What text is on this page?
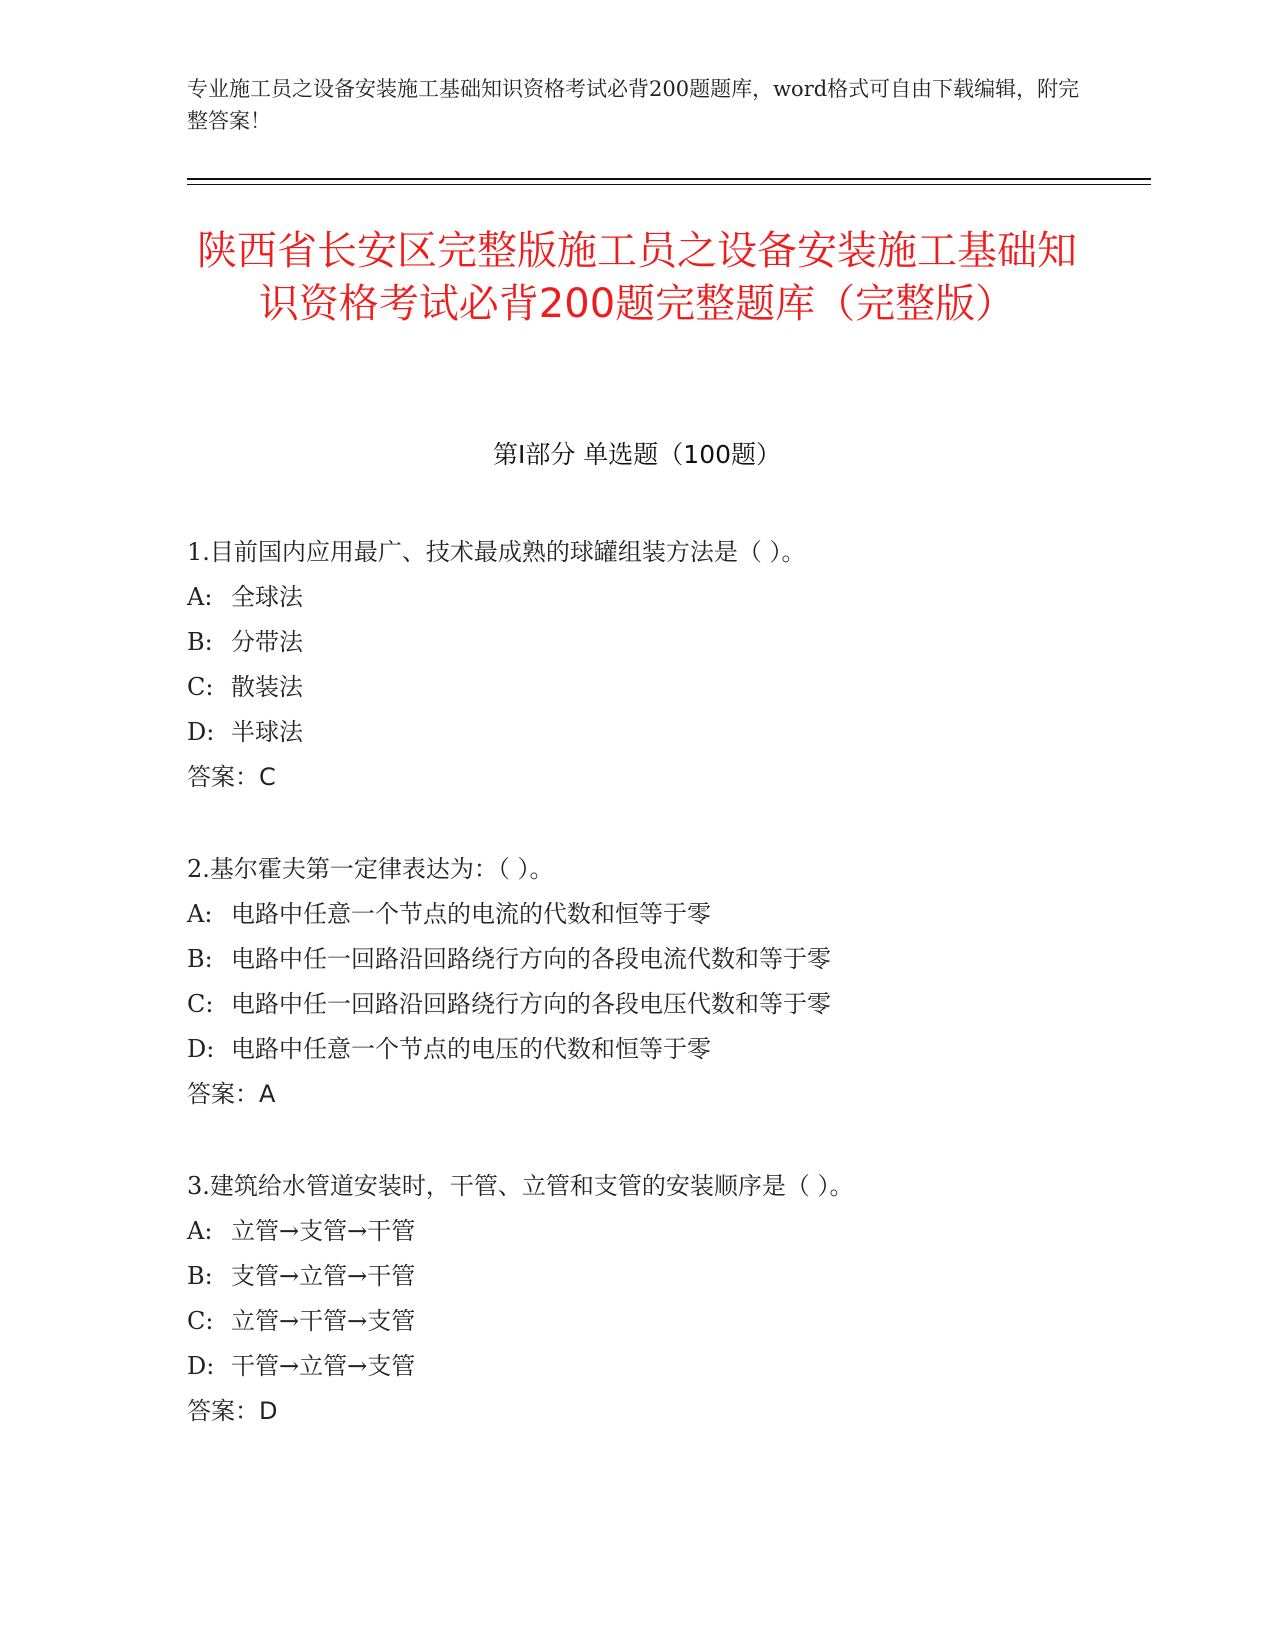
专业施工员之设备安装施工基础知识资格考试必背200题题库，word格式可自由下载编辑，附完整答案！
陕西省长安区完整版施工员之设备安装施工基础知识资格考试必背200题完整题库（完整版）
第Ⅰ部分 单选题（100题）
1.目前国内应用最广、技术最成熟的球罐组装方法是（ ）。
A: 全球法
B: 分带法
C: 散装法
D: 半球法
答案：C
2.基尔霍夫第一定律表达为：（ ）。
A: 电路中任意一个节点的电流的代数和恒等于零
B: 电路中任一回路沿回路绕行方向的各段电流代数和等于零
C: 电路中任一回路沿回路绕行方向的各段电压代数和等于零
D: 电路中任意一个节点的电压的代数和恒等于零
答案：A
3.建筑给水管道安装时，干管、立管和支管的安装顺序是（ ）。
A: 立管→支管→干管
B: 支管→立管→干管
C: 立管→干管→支管
D: 干管→立管→支管
答案：D
